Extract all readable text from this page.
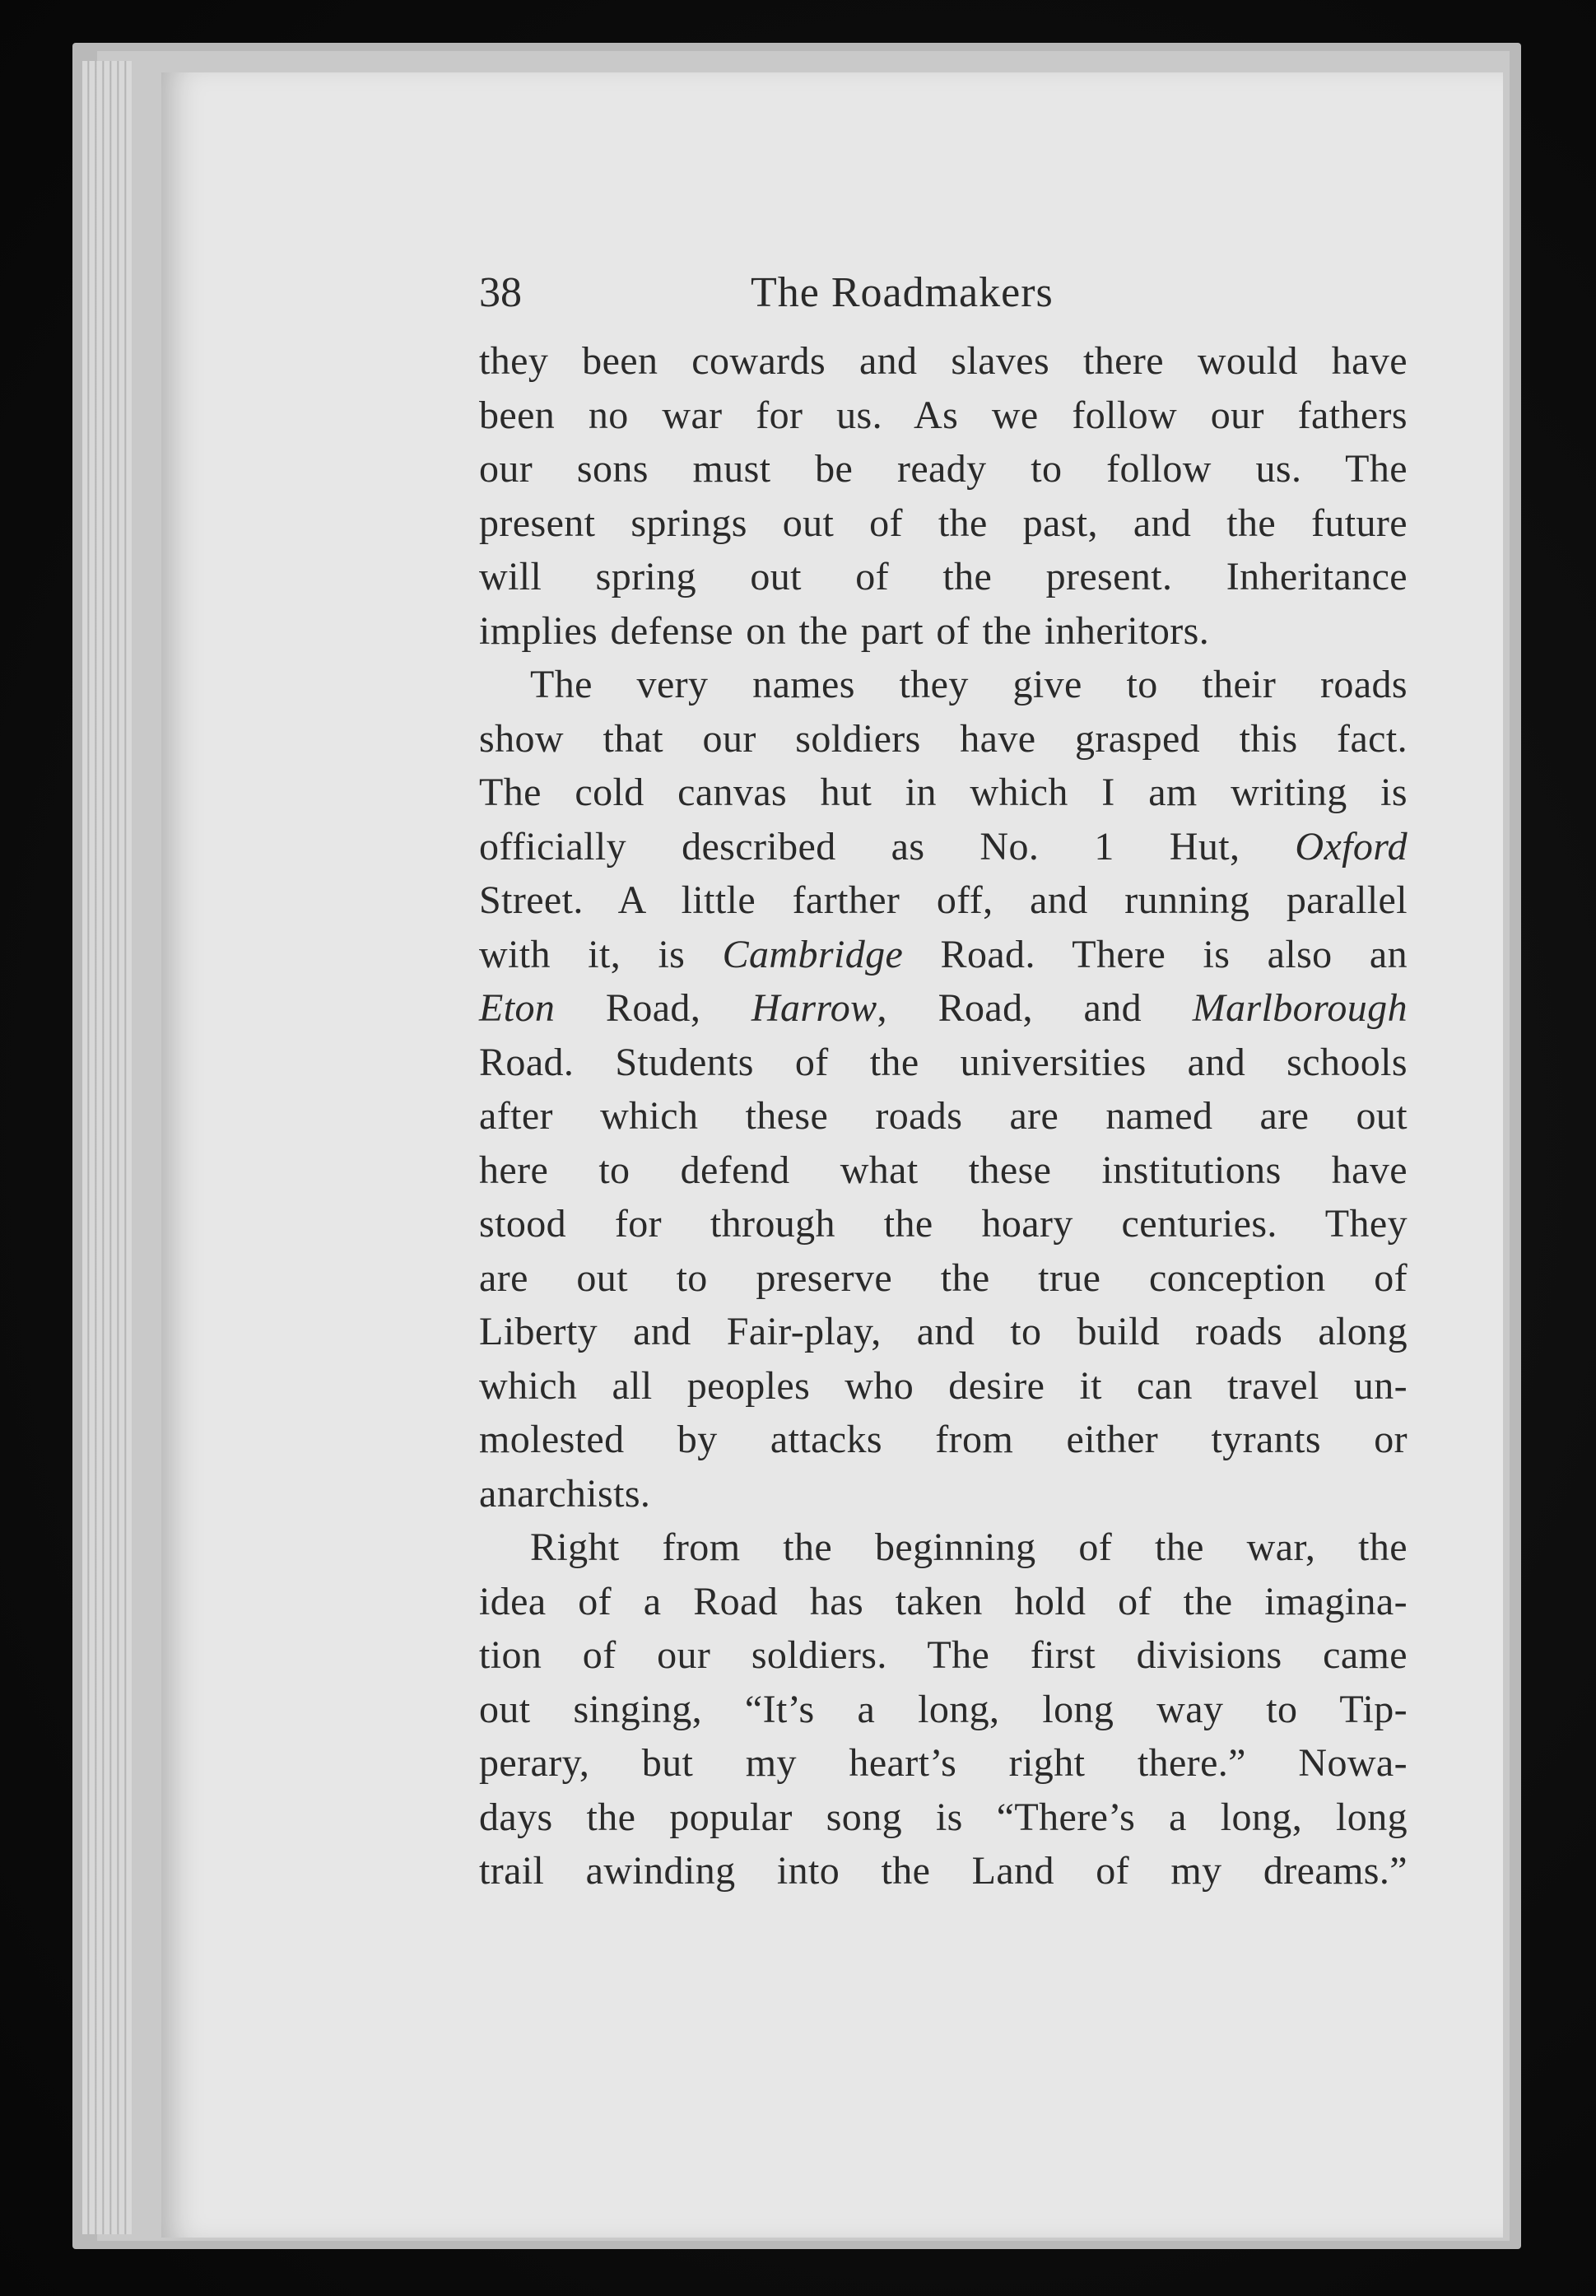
38	The Roadmakers

they been cowards and slaves there would have
been no war for us. As we follow our fathers
our sons must be ready to follow us. The
present springs out of the past, and the future
will spring out of the present. Inheritance
implies defense on the part of the inheritors.

The very names they give to their roads
show that our soldiers have grasped this fact.
The cold canvas hut in which I am writing is
officially described as No. 1 Hut, Oxford
Street. A little farther off, and running parallel
with it, is Cambridge Road. There is also an
Eton Road, Harrow, Road, and Marlborough
Road. Students of the universities and schools
after which these roads are named are out
here to defend what these institutions have
stood for through the hoary centuries. They
are out to preserve the true conception of
Liberty and Fair-play, and to build roads along
which all peoples who desire it can travel un-
molested by attacks from either tyrants or
anarchists.

Right from the beginning of the war, the
idea of a Road has taken hold of the imagina-
tion of our soldiers. The first divisions came
out singing, “It’s a long, long way to Tip-
perary, but my heart’s right there.” Nowa-
days the popular song is “There’s a long, long
trail awinding into the Land of my dreams.”
